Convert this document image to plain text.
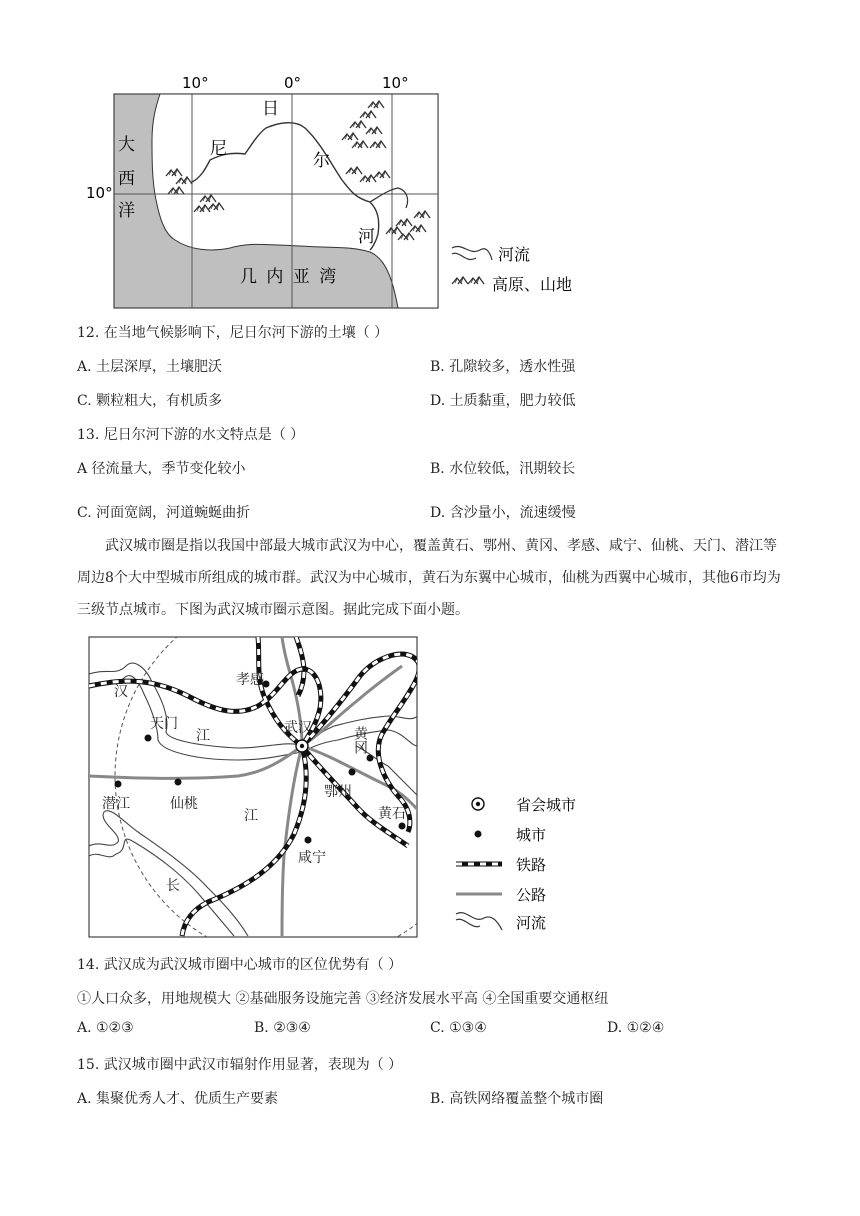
10°	0°	10°
10°
大
西
洋
尼
日
尔
河
几 内 亚 湾
河流
高原、山地
12. 在当地气候影响下，尼日尔河下游的土壤（ ）
A. 土层深厚，土壤肥沃	B. 孔隙较多，透水性强
C. 颗粒粗大，有机质多	D. 土质黏重，肥力较低
13. 尼日尔河下游的水文特点是（ ）
A 径流量大，季节变化较小	B. 水位较低，汛期较长
C. 河面宽阔，河道蜿蜒曲折	D. 含沙量小，流速缓慢
武汉城市圈是指以我国中部最大城市武汉为中心，覆盖黄石、鄂州、黄冈、孝感、咸宁、仙桃、天门、潜江等周边8个大中型城市所组成的城市群。武汉为中心城市，黄石为东翼中心城市，仙桃为西翼中心城市，其他6市均为三级节点城市。下图为武汉城市圈示意图。据此完成下面小题。
孝感
武汉	黄冈
天门
潜江	仙桃
鄂州
黄石
咸宁
汉
江
江
长
省会城市
城市
铁路
公路
河流
14. 武汉成为武汉城市圈中心城市的区位优势有（ ）
①人口众多，用地规模大 ②基础服务设施完善 ③经济发展水平高 ④全国重要交通枢纽
A. ①②③	B. ②③④	C. ①③④	D. ①②④
15. 武汉城市圈中武汉市辐射作用显著，表现为（ ）
A. 集聚优秀人才、优质生产要素	B. 高铁网络覆盖整个城市圈
